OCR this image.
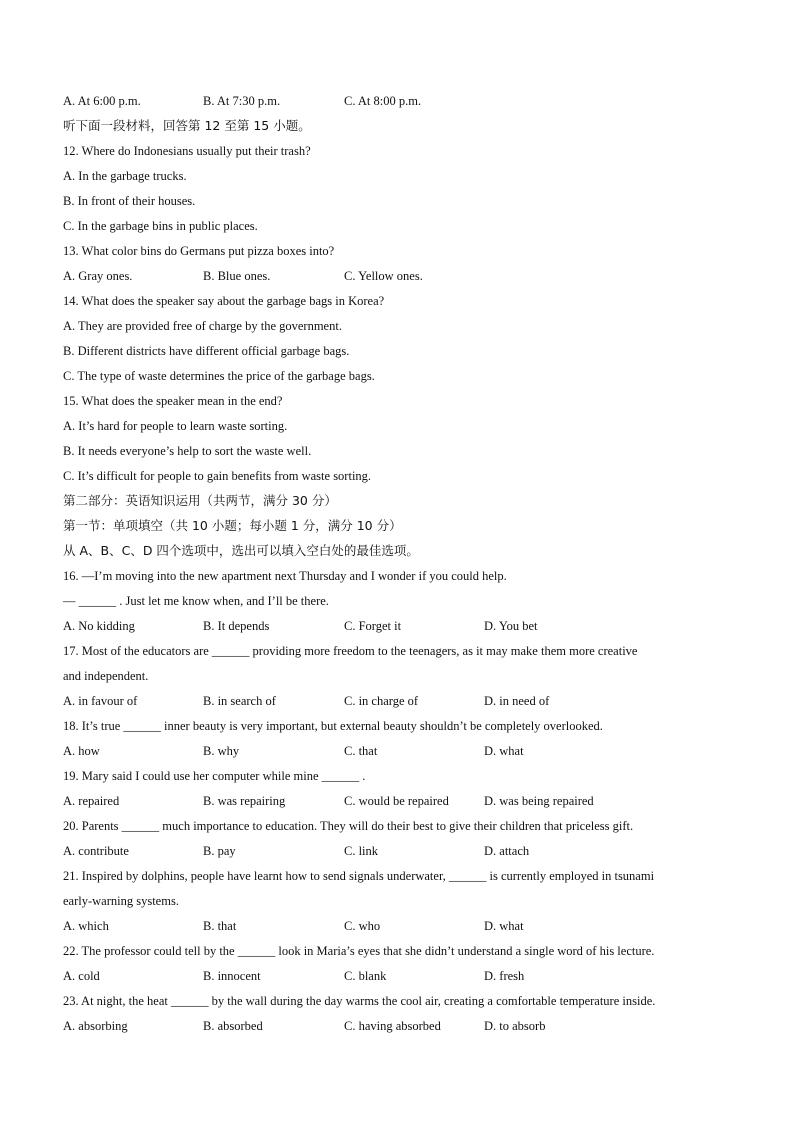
A. At 6:00 p.m.	B. At 7:30 p.m.	C. At 8:00 p.m.
听下面一段材料，回答第 12 至第 15 小题。
12. Where do Indonesians usually put their trash?
A. In the garbage trucks.
B. In front of their houses.
C. In the garbage bins in public places.
13. What color bins do Germans put pizza boxes into?
A. Gray ones.	B. Blue ones.	C. Yellow ones.
14. What does the speaker say about the garbage bags in Korea?
A. They are provided free of charge by the government.
B. Different districts have different official garbage bags.
C. The type of waste determines the price of the garbage bags.
15. What does the speaker mean in the end?
A. It’s hard for people to learn waste sorting.
B. It needs everyone’s help to sort the waste well.
C. It’s difficult for people to gain benefits from waste sorting.
第二部分：英语知识运用（共两节，满分 30 分）
第一节：单项填空（共 10 小题；每小题 1 分，满分 10 分）
从 A、B、C、D 四个选项中，选出可以填入空白处的最佳选项。
16. —I’m moving into the new apartment next Thursday and I wonder if you could help.
— ______ . Just let me know when, and I’ll be there.
A. No kidding	B. It depends	C. Forget it	D. You bet
17. Most of the educators are ______ providing more freedom to the teenagers, as it may make them more creative
and independent.
A. in favour of	B. in search of	C. in charge of	D. in need of
18. It’s true ______ inner beauty is very important, but external beauty shouldn’t be completely overlooked.
A. how	B. why	C. that	D. what
19. Mary said I could use her computer while mine ______ .
A. repaired	B. was repairing	C. would be repaired	D. was being repaired
20. Parents ______ much importance to education. They will do their best to give their children that priceless gift.
A. contribute	B. pay	C. link	D. attach
21. Inspired by dolphins, people have learnt how to send signals underwater, ______ is currently employed in tsunami
early-warning systems.
A. which	B. that	C. who	D. what
22. The professor could tell by the ______ look in Maria’s eyes that she didn’t understand a single word of his lecture.
A. cold	B. innocent	C. blank	D. fresh
23. At night, the heat ______ by the wall during the day warms the cool air, creating a comfortable temperature inside.
A. absorbing	B. absorbed	C. having absorbed	D. to absorb
